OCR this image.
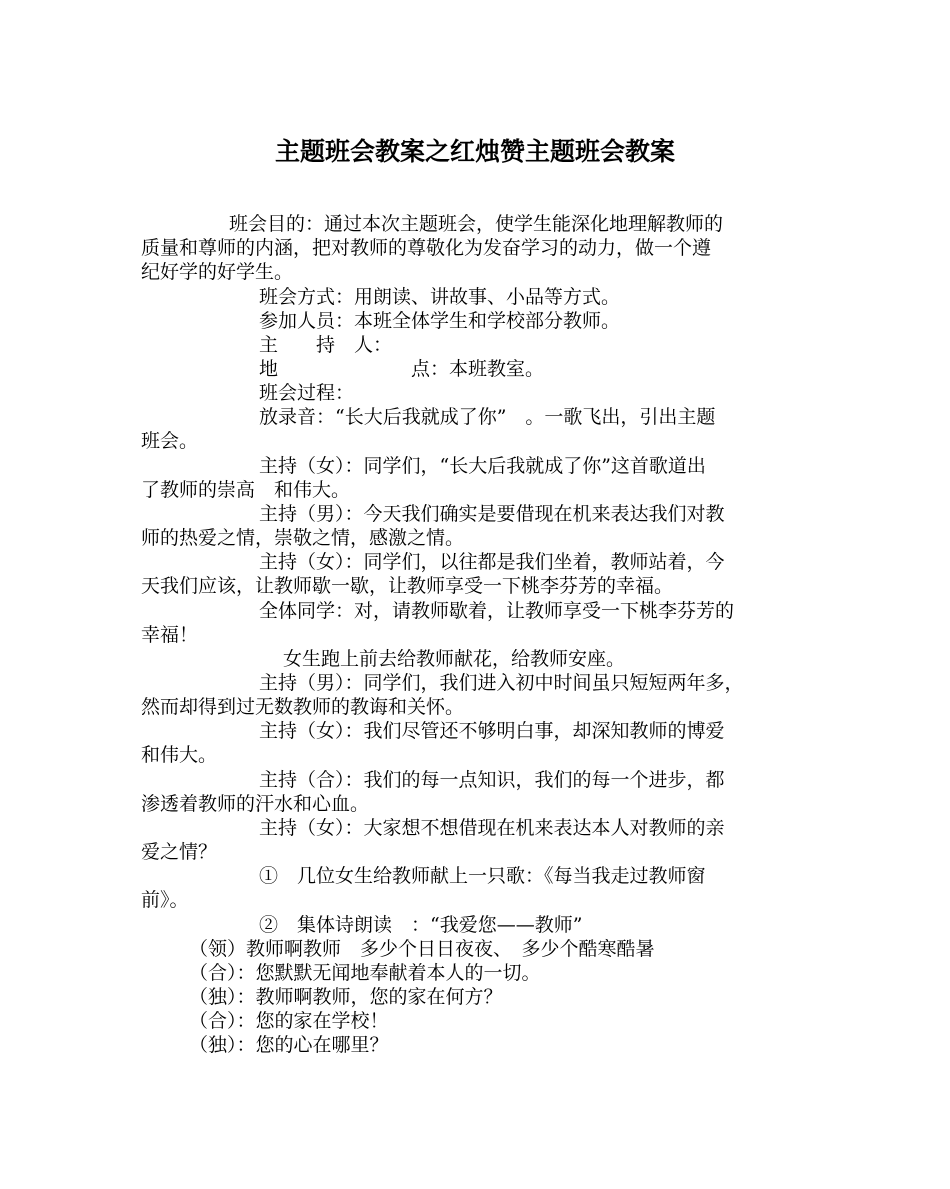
主题班会教案之红烛赞主题班会教案

班会目的：通过本次主题班会，使学生能深化地理解教师的

质量和尊师的内涵，把对教师的尊敬化为发奋学习的动力，做一个遵

纪好学的好学生。

班会方式：用朗读、讲故事、小品等方式。

参加人员：本班全体学生和学校部分教师。

主　　持　人：

地　　　　　　　点：本班教室。

班会过程：

放录音：“长大后我就成了你”　。一歌飞出，引出主题

班会。

主持（女）：同学们，“长大后我就成了你”这首歌道出

了教师的崇高　和伟大。

主持（男）：今天我们确实是要借现在机来表达我们对教

师的热爱之情，崇敬之情，感激之情。

主持（女）：同学们，以往都是我们坐着，教师站着，今

天我们应该，让教师歇一歇，让教师享受一下桃李芬芳的幸福。

全体同学：对，请教师歇着，让教师享受一下桃李芬芳的

幸福！

女生跑上前去给教师献花，给教师安座。

主持（男）：同学们，我们进入初中时间虽只短短两年多，

然而却得到过无数教师的教诲和关怀。

主持（女）：我们尽管还不够明白事，却深知教师的博爱

和伟大。

主持（合）：我们的每一点知识，我们的每一个进步，都

渗透着教师的汗水和心血。

主持（女）：大家想不想借现在机来表达本人对教师的亲

爱之情？

①　几位女生给教师献上一只歌：《每当我走过教师窗

前》。

②　集体诗朗读　：“我爱您——教师”

（领）教师啊教师　多少个日日夜夜、　多少个酷寒酷暑

（合）：您默默无闻地奉献着本人的一切。

（独）：教师啊教师，您的家在何方？

（合）：您的家在学校！

（独）：您的心在哪里？
